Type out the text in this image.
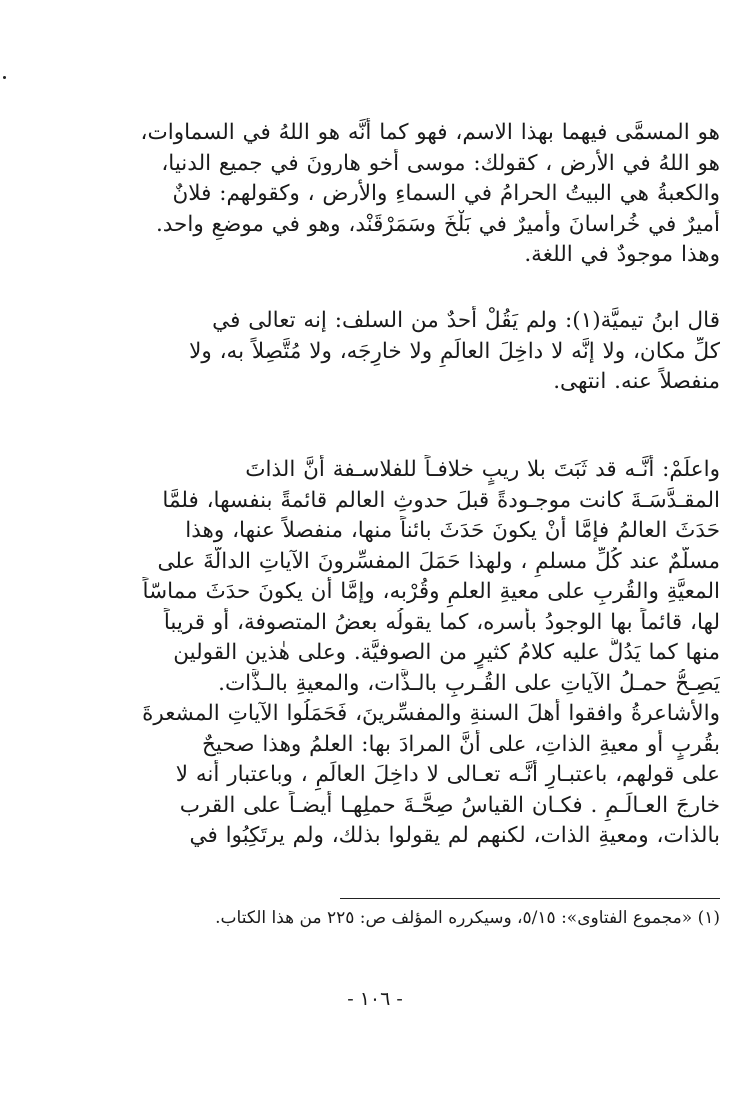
هو المسمَّى فيهما بهذا الاسم، فهو كما أنَّه هو اللهُ في السماوات،
هو اللهُ في الأرض ، كقولك: موسى أخو هارونَ في جميع الدنيا،
والكعبةُ هي البيتُ الحرامُ في السماءِ والأرض ، وكقولهم: فلانٌ
أميرٌ في خُراسانَ وأميرٌ في بَلْخَ وسَمَرْقَنْد، وهو في موضعٍ واحد.
وهذا موجودٌ في اللغة.
قال ابنُ تيميَّة(١): ولم يَقُلْ أحدٌ من السلف: إنه تعالى في
كلِّ مكان، ولا إنَّه لا داخِلَ العالَمِ ولا خارِجَه، ولا مُتَّصِلاً به، ولا
منفصلاً عنه. انتهى.
واعلَمْ: أنَّـه قد ثَبَتَ بلا ريبٍ خلافـاً للفلاسـفة أنَّ الذاتَ
المقـدَّسَـةَ كانت موجـودةً قبلَ حدوثِ العالم قائمةً بنفسها، فلمَّا
حَدَثَ العالمُ فإمَّا أنْ يكونَ حَدَثَ بائناً منها، منفصلاً عنها، وهذا
مسلَّمٌ عند كُلِّ مسلمٍ ، ولهذا حَمَلَ المفسِّرونَ الآياتِ الدالَّةَ على
المعيَّةِ والقُربِ على معيةِ العلمِ وقُرْبه، وإمَّا أن يكونَ حدَثَ مماسّاً
لها، قائماً بها الوجودُ بأسره، كما يقولُه بعضُ المتصوفة، أو قريباً
منها كما يَدُلُّ عليه كلامُ كثيرٍ من الصوفيَّة. وعلى هٰذين القولين
يَصِـحُّ حمـلُ الآياتِ على القُـربِ بالـذَّات، والمعيةِ بالـذَّات.
والأشاعرةُ وافقوا أهلَ السنةِ والمفسِّرينَ، فَحَمَلُوا الآياتِ المشعرةَ
بقُربٍ أو معيةِ الذاتِ، على أنَّ المرادَ بها: العلمُ وهذا صحيحٌ
على قولهم، باعتبـارِ أنَّـه تعـالى لا داخِلَ العالَمِ ، وباعتبار أنه لا
خارجَ العـالَـمِ . فكـان القياسُ صِحَّـةَ حملِهـا أيضـاً على القرب
بالذات، ومعيةِ الذات، لكنهم لم يقولوا بذلك، ولم يرتَكِبُوا في
(١) «مجموع الفتاوى»: ٥/١٥، وسيكرره المؤلف ص: ٢٢٥ من هذا الكتاب.
- ١٠٦ -
